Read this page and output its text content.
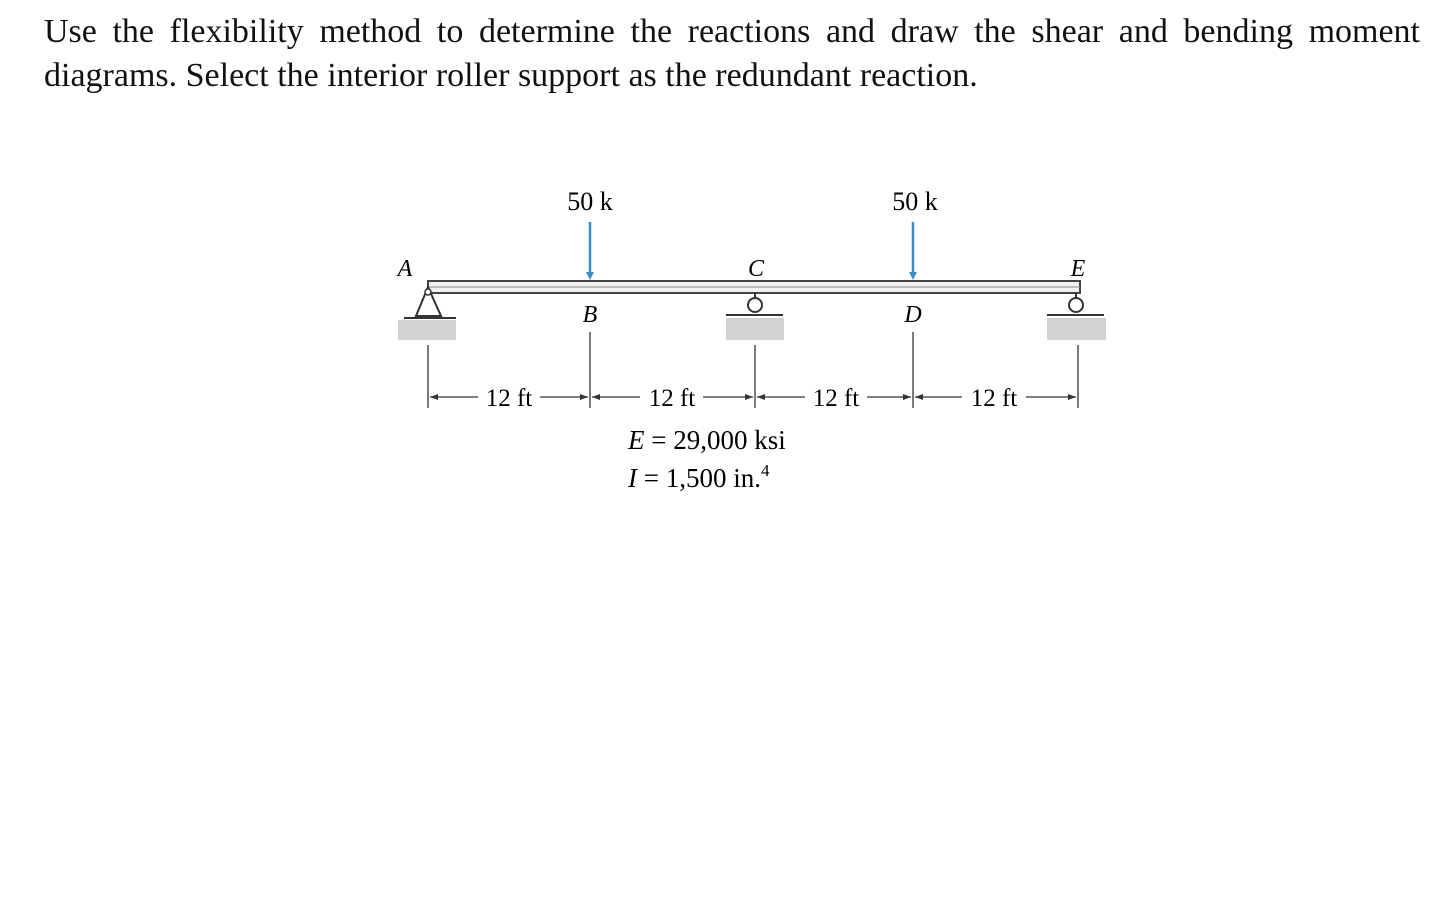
Use the flexibility method to determine the reactions and draw the shear and bending moment
diagrams. Select the interior roller support as the redundant reaction.
50 k	50 k
A
B
C
D
E
12 ft	12 ft	12 ft	12 ft
E = 29,000 ksi
I = 1,500 in.$^4$
